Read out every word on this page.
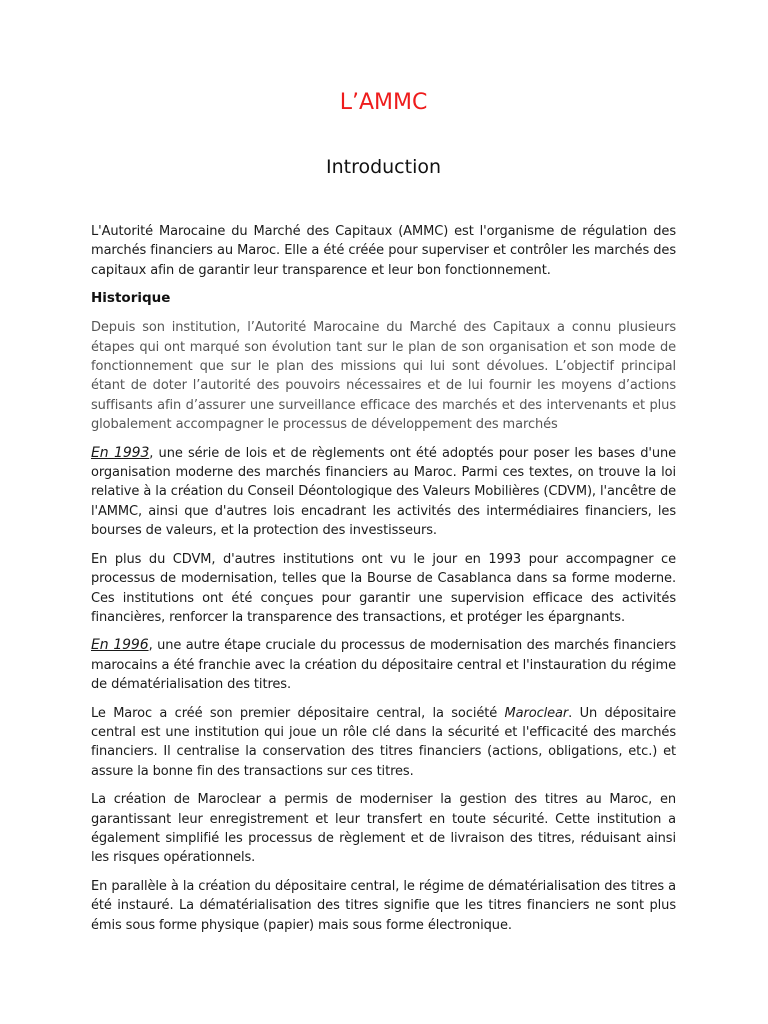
L’AMMC
Introduction

L'Autorité Marocaine du Marché des Capitaux (AMMC) est l'organisme de régulation des marchés financiers au Maroc. Elle a été créée pour superviser et contrôler les marchés des capitaux afin de garantir leur transparence et leur bon fonctionnement.

Historique

Depuis son institution, l’Autorité Marocaine du Marché des Capitaux a connu plusieurs étapes qui ont marqué son évolution tant sur le plan de son organisation et son mode de fonctionnement que sur le plan des missions qui lui sont dévolues. L’objectif principal étant de doter l’autorité des pouvoirs nécessaires et de lui fournir les moyens d’actions suffisants afin d’assurer une surveillance efficace des marchés et des intervenants et plus globalement accompagner le processus de développement des marchés

En 1993, une série de lois et de règlements ont été adoptés pour poser les bases d'une organisation moderne des marchés financiers au Maroc. Parmi ces textes, on trouve la loi relative à la création du Conseil Déontologique des Valeurs Mobilières (CDVM), l'ancêtre de l'AMMC, ainsi que d'autres lois encadrant les activités des intermédiaires financiers, les bourses de valeurs, et la protection des investisseurs.

En plus du CDVM, d'autres institutions ont vu le jour en 1993 pour accompagner ce processus de modernisation, telles que la Bourse de Casablanca dans sa forme moderne. Ces institutions ont été conçues pour garantir une supervision efficace des activités financières, renforcer la transparence des transactions, et protéger les épargnants.

En 1996, une autre étape cruciale du processus de modernisation des marchés financiers marocains a été franchie avec la création du dépositaire central et l'instauration du régime de dématérialisation des titres.

Le Maroc a créé son premier dépositaire central, la société Maroclear. Un dépositaire central est une institution qui joue un rôle clé dans la sécurité et l'efficacité des marchés financiers. Il centralise la conservation des titres financiers (actions, obligations, etc.) et assure la bonne fin des transactions sur ces titres.

La création de Maroclear a permis de moderniser la gestion des titres au Maroc, en garantissant leur enregistrement et leur transfert en toute sécurité. Cette institution a également simplifié les processus de règlement et de livraison des titres, réduisant ainsi les risques opérationnels.

En parallèle à la création du dépositaire central, le régime de dématérialisation des titres a été instauré. La dématérialisation des titres signifie que les titres financiers ne sont plus émis sous forme physique (papier) mais sous forme électronique.
